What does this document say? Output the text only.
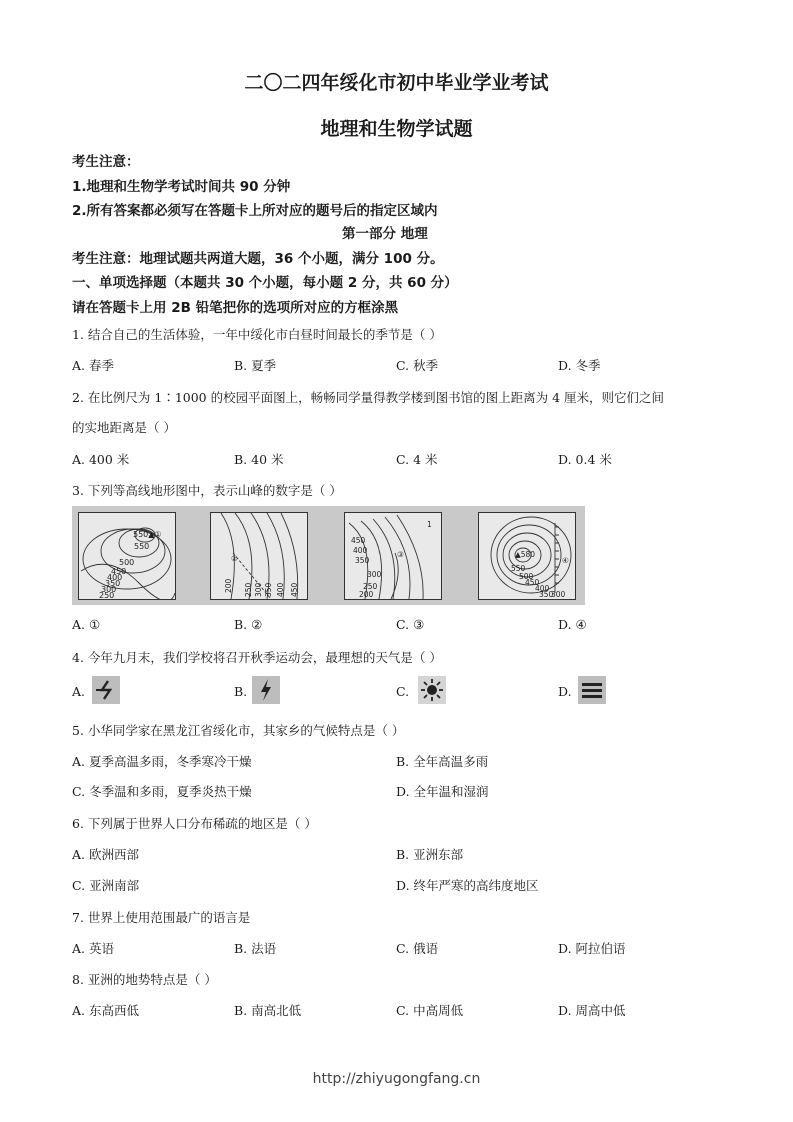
二〇二四年绥化市初中毕业学业考试
地理和生物学试题
考生注意：
1.地理和生物学考试时间共 90 分钟
2.所有答案都必须写在答题卡上所对应的题号后的指定区域内
第一部分 地理
考生注意：地理试题共两道大题，36 个小题，满分 100 分。
一、单项选择题（本题共 30 个小题，每小题 2 分，共 60 分）
请在答题卡上用 2B 铅笔把你的选项所对应的方框涂黑
1. 结合自己的生活体验，一年中绥化市白昼时间最长的季节是（ ）
A. 春季	B. 夏季	C. 秋季	D. 冬季
2. 在比例尺为 1∶1000 的校园平面图上，畅畅同学量得教学楼到图书馆的图上距离为 4 厘米，则它们之间
的实地距离是（ ）
A. 400 米	B. 40 米	C. 4 米	D. 0.4 米
3. 下列等高线地形图中，表示山峰的数字是（ ）
550▲①
550
500
450
400
350
300
250
②
200 250 300 350 400 450
450
400
350
300
250
200
③
1
▲580
550
500
450
400
350
300
④
A. ①	B. ②	C. ③	D. ④
4. 今年九月末，我们学校将召开秋季运动会，最理想的天气是（ ）
A.	B.	C.	D.
5. 小华同学家在黑龙江省绥化市，其家乡的气候特点是（ ）
A. 夏季高温多雨，冬季寒冷干燥	B. 全年高温多雨
C. 冬季温和多雨，夏季炎热干燥	D. 全年温和湿润
6. 下列属于世界人口分布稀疏的地区是（ ）
A. 欧洲西部	B. 亚洲东部
C. 亚洲南部	D. 终年严寒的高纬度地区
7. 世界上使用范围最广的语言是
A. 英语	B. 法语	C. 俄语	D. 阿拉伯语
8. 亚洲的地势特点是（ ）
A. 东高西低	B. 南高北低	C. 中高周低	D. 周高中低
http://zhiyugongfang.cn
